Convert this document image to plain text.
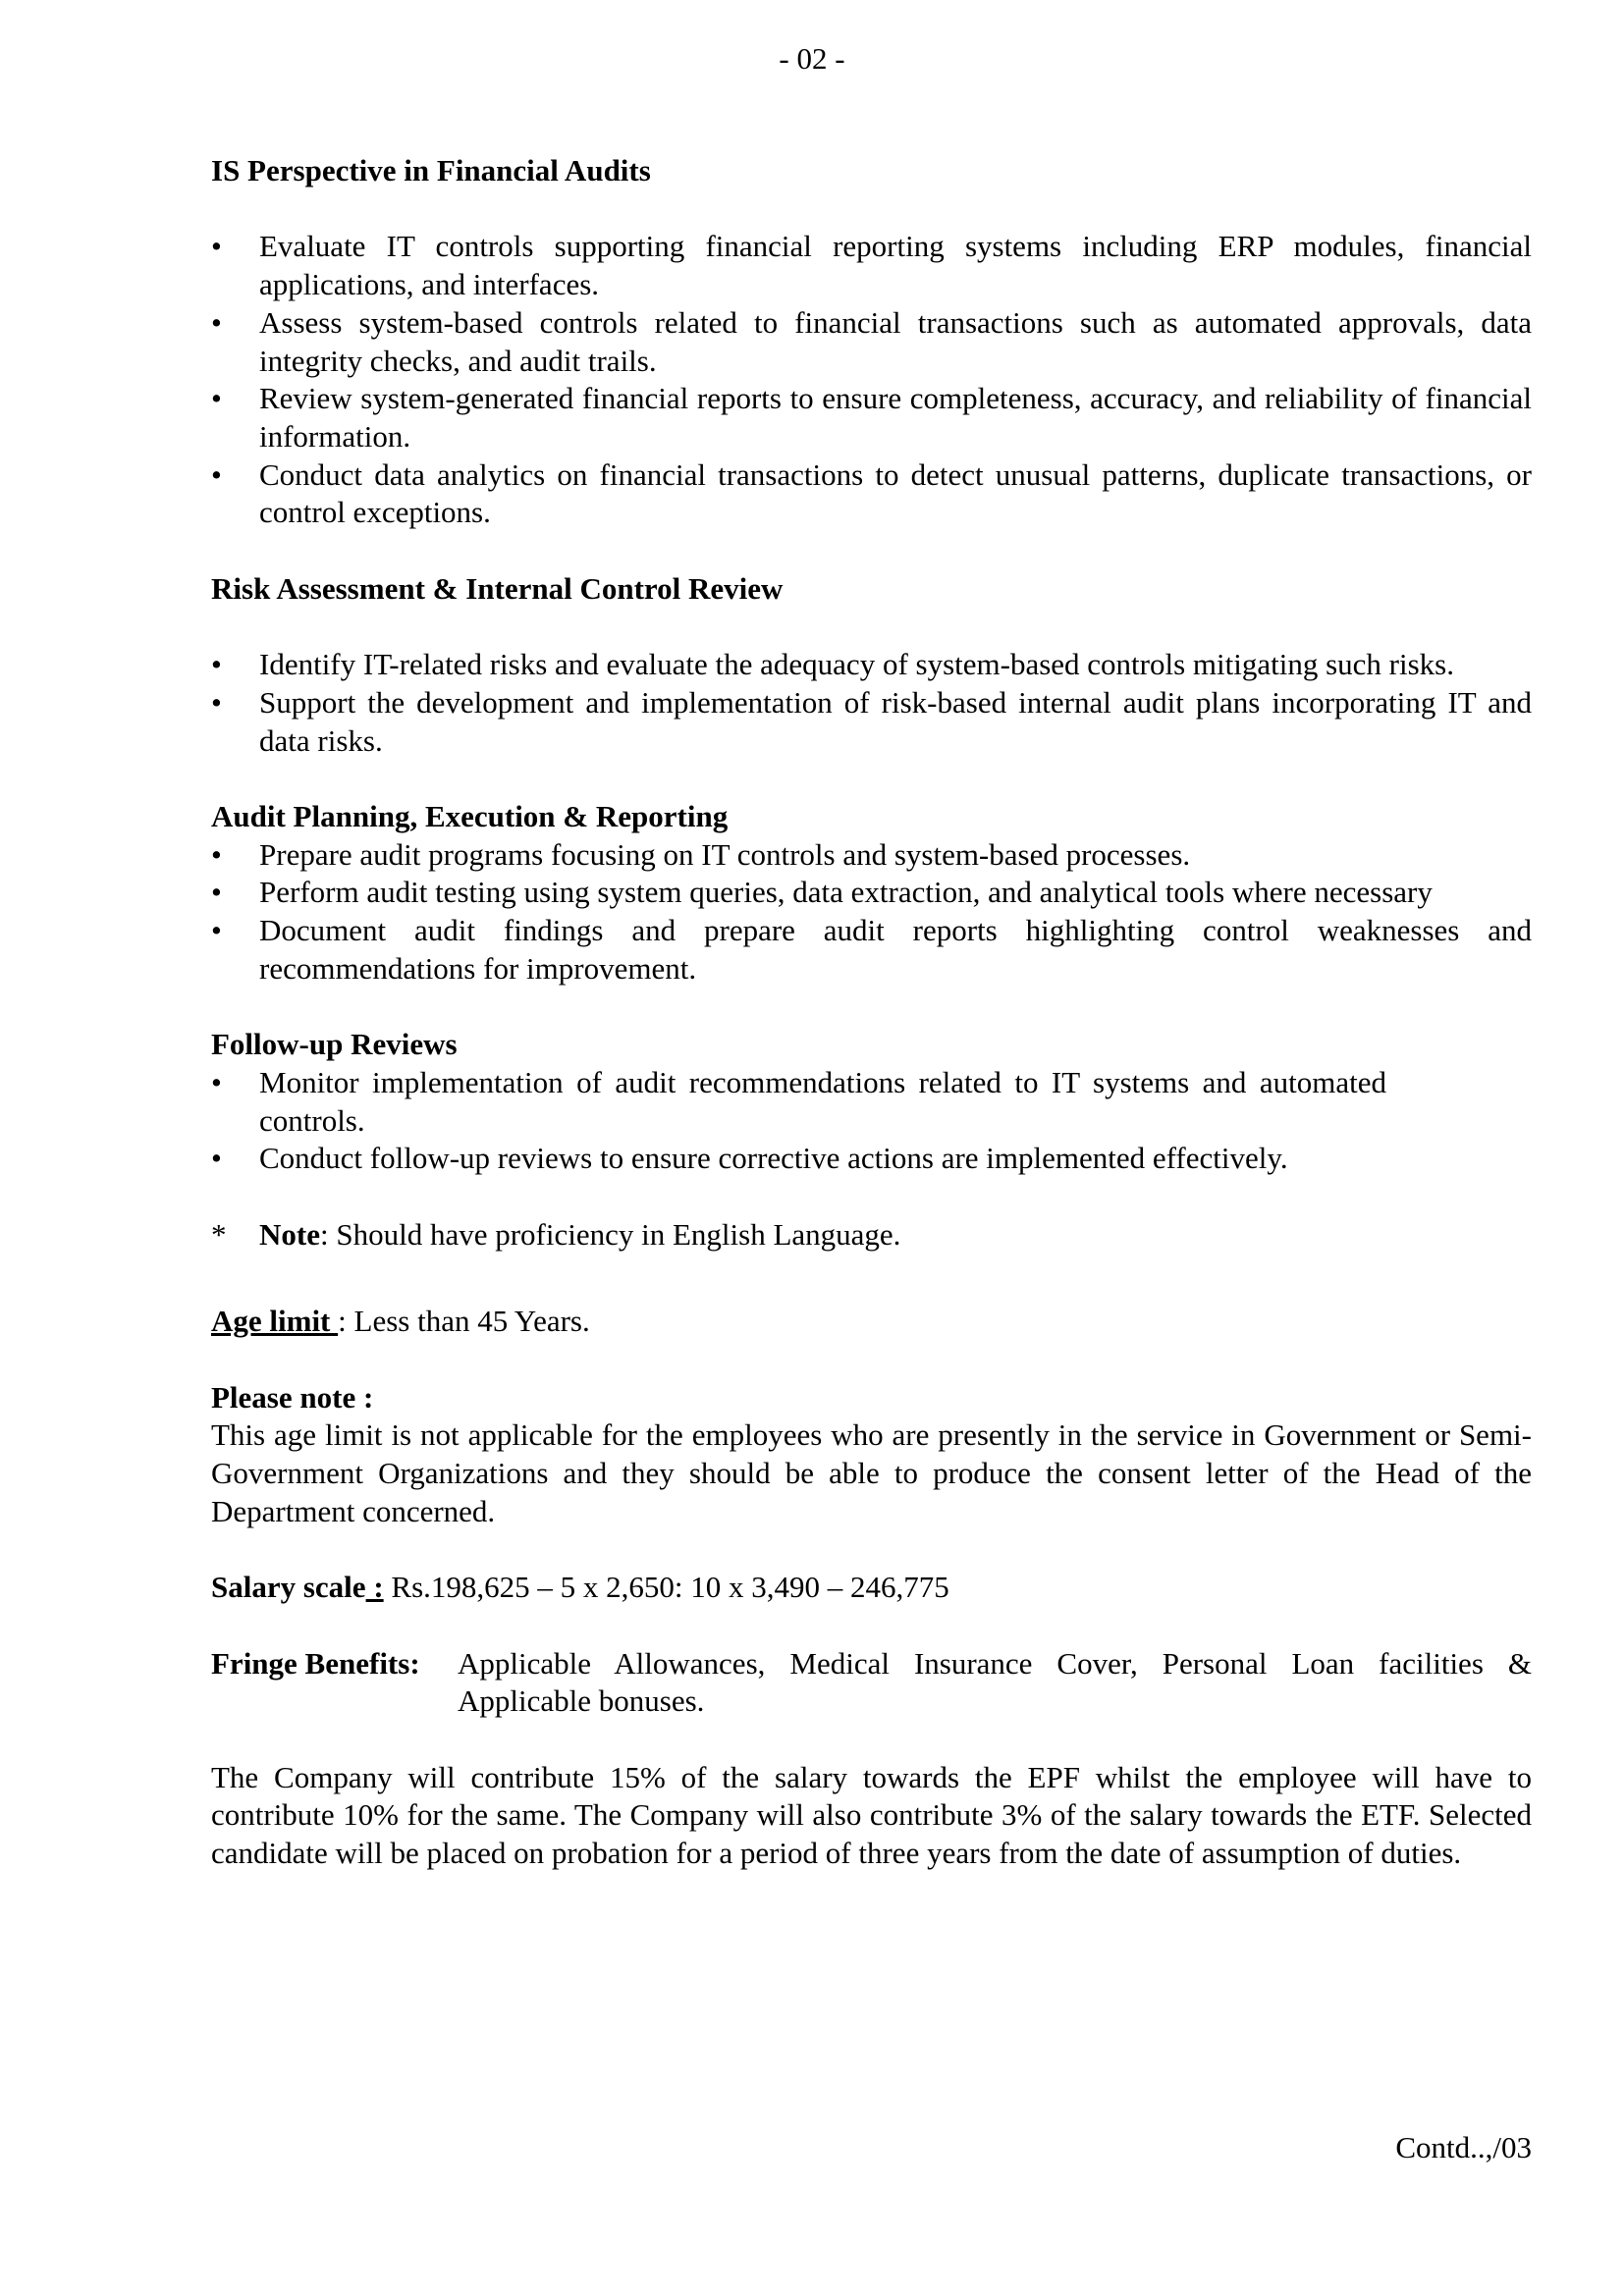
- 02 -

IS Perspective in Financial Audits

• Evaluate IT controls supporting financial reporting systems including ERP modules, financial applications, and interfaces.
• Assess system-based controls related to financial transactions such as automated approvals, data integrity checks, and audit trails.
• Review system-generated financial reports to ensure completeness, accuracy, and reliability of financial information.
• Conduct data analytics on financial transactions to detect unusual patterns, duplicate transactions, or control exceptions.

Risk Assessment & Internal Control Review

• Identify IT-related risks and evaluate the adequacy of system-based controls mitigating such risks.
• Support the development and implementation of risk-based internal audit plans incorporating IT and data risks.

Audit Planning, Execution & Reporting

• Prepare audit programs focusing on IT controls and system-based processes.
• Perform audit testing using system queries, data extraction, and analytical tools where necessary
• Document audit findings and prepare audit reports highlighting control weaknesses and recommendations for improvement.

Follow-up Reviews

• Monitor implementation of audit recommendations related to IT systems and automated controls.
• Conduct follow-up reviews to ensure corrective actions are implemented effectively.
* Note: Should have proficiency in English Language.
Age limit : Less than 45 Years.

Please note :

This age limit is not applicable for the employees who are presently in the service in Government or Semi-Government Organizations and they should be able to produce the consent letter of the Head of the Department concerned.
Salary scale : Rs.198,625 – 5 x 2,650: 10 x 3,490 – 246,775
Fringe Benefits:	Applicable Allowances, Medical Insurance Cover, Personal Loan facilities & Applicable bonuses.
The Company will contribute 15% of the salary towards the EPF whilst the employee will have to contribute 10% for the same. The Company will also contribute 3% of the salary towards the ETF. Selected candidate will be placed on probation for a period of three years from the date of assumption of duties.
Contd..,/03
